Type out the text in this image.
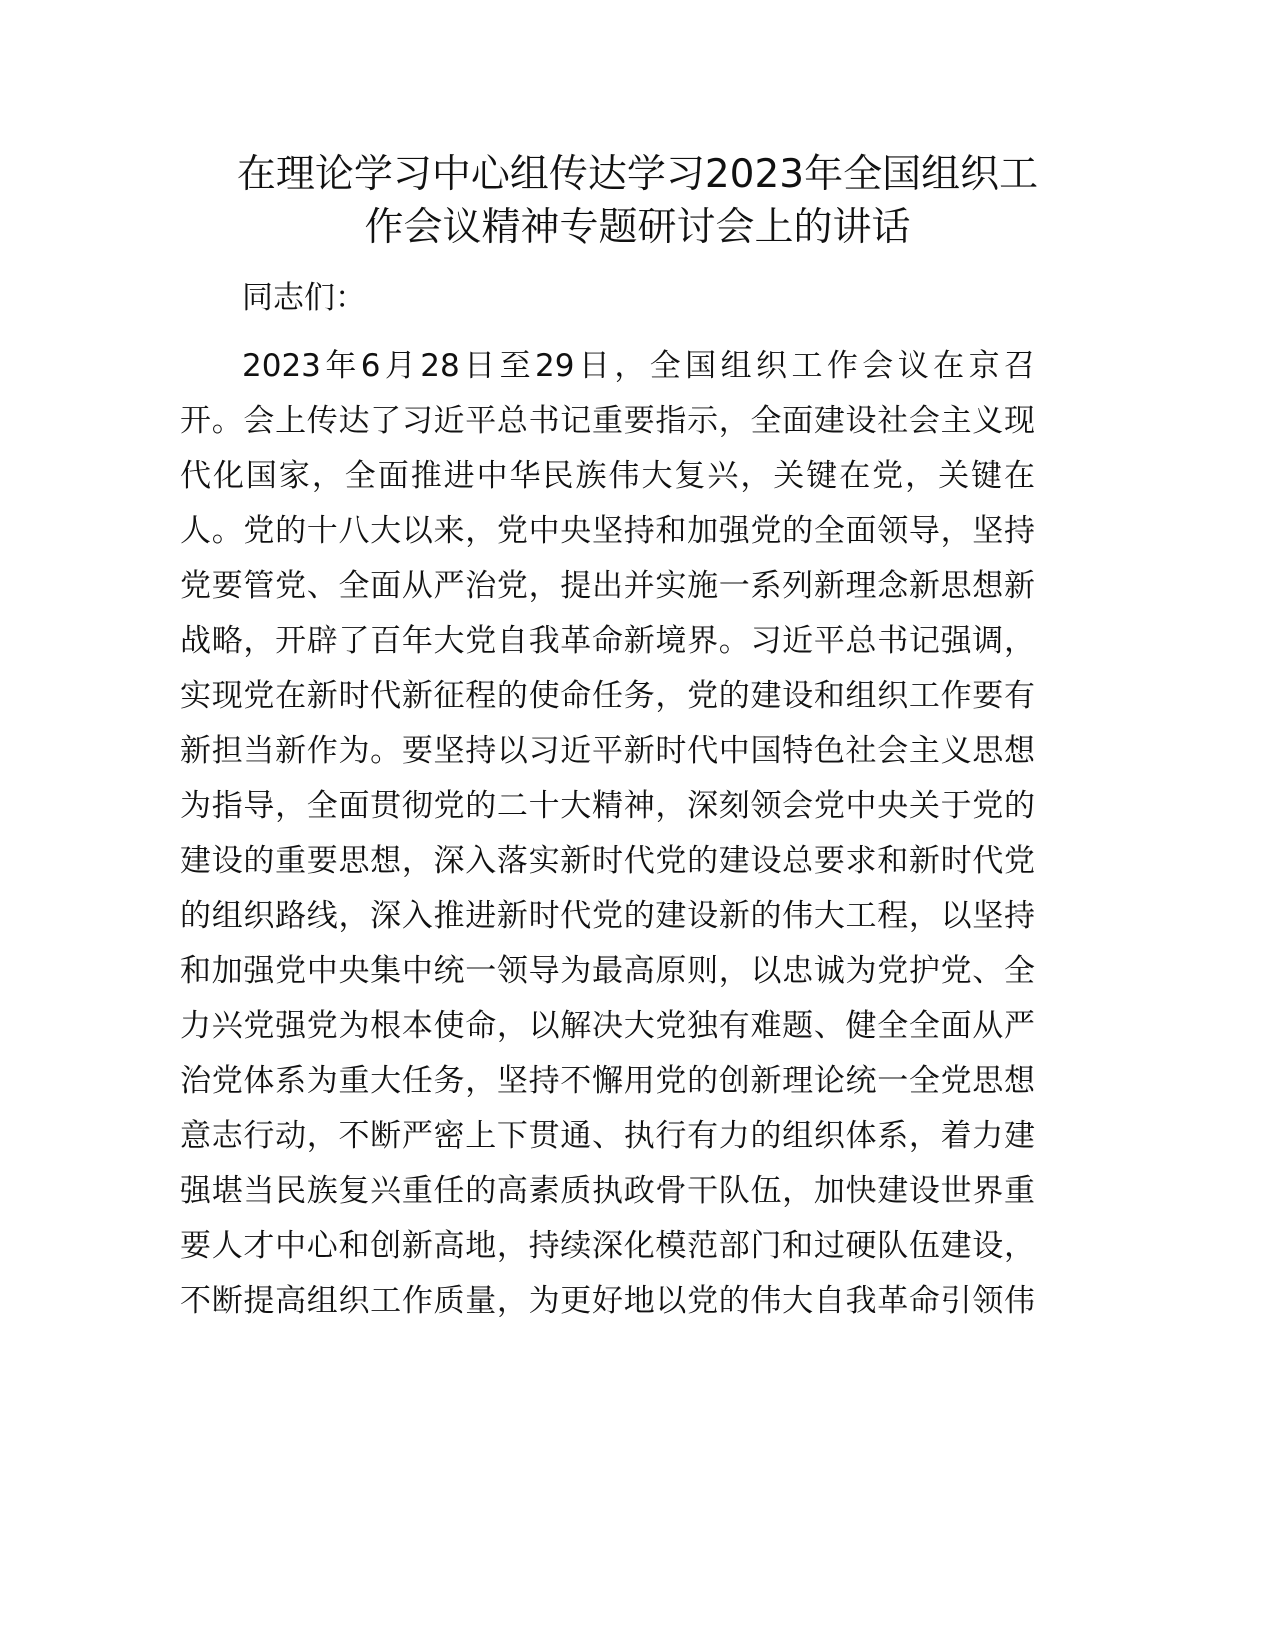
在理论学习中心组传达学习2023年全国组织工
作会议精神专题研讨会上的讲话
同志们：
2023年6月28日至29日，全国组织工作会议在京召
开。会上传达了习近平总书记重要指示，全面建设社会主义现
代化国家，全面推进中华民族伟大复兴，关键在党，关键在
人。党的十八大以来，党中央坚持和加强党的全面领导，坚持
党要管党、全面从严治党，提出并实施一系列新理念新思想新
战略，开辟了百年大党自我革命新境界。习近平总书记强调，
实现党在新时代新征程的使命任务，党的建设和组织工作要有
新担当新作为。要坚持以习近平新时代中国特色社会主义思想
为指导，全面贯彻党的二十大精神，深刻领会党中央关于党的
建设的重要思想，深入落实新时代党的建设总要求和新时代党
的组织路线，深入推进新时代党的建设新的伟大工程，以坚持
和加强党中央集中统一领导为最高原则，以忠诚为党护党、全
力兴党强党为根本使命，以解决大党独有难题、健全全面从严
治党体系为重大任务，坚持不懈用党的创新理论统一全党思想
意志行动，不断严密上下贯通、执行有力的组织体系，着力建
强堪当民族复兴重任的高素质执政骨干队伍，加快建设世界重
要人才中心和创新高地，持续深化模范部门和过硬队伍建设，
不断提高组织工作质量，为更好地以党的伟大自我革命引领伟
